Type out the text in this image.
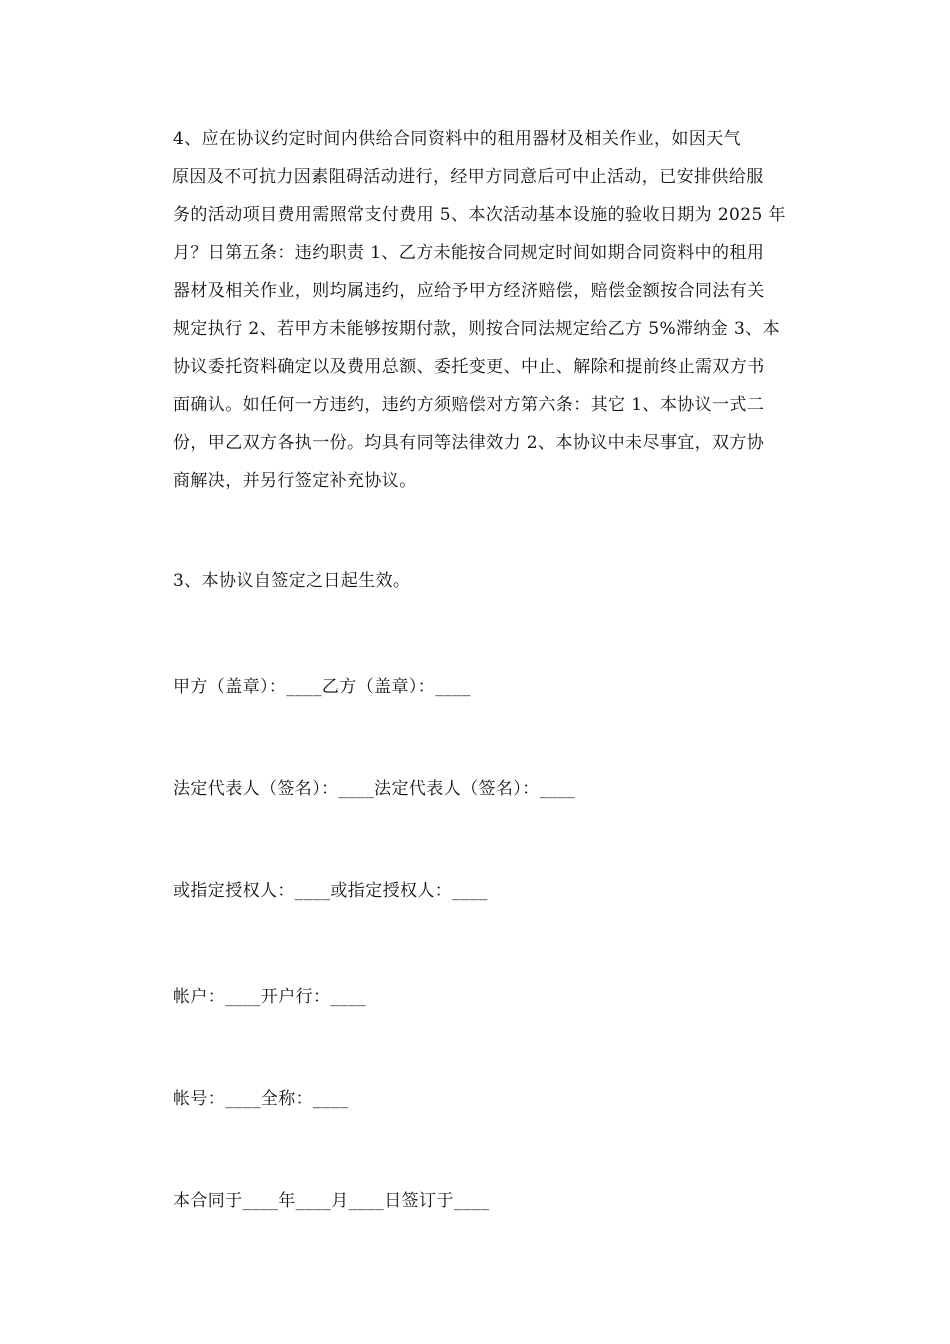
4、应在协议约定时间内供给合同资料中的租用器材及相关作业，如因天气
原因及不可抗力因素阻碍活动进行，经甲方同意后可中止活动，已安排供给服
务的活动项目费用需照常支付费用 5、本次活动基本设施的验收日期为 2025 年
月？日第五条：违约职责 1、乙方未能按合同规定时间如期合同资料中的租用
器材及相关作业，则均属违约，应给予甲方经济赔偿，赔偿金额按合同法有关
规定执行 2、若甲方未能够按期付款，则按合同法规定给乙方 5%滞纳金 3、本
协议委托资料确定以及费用总额、委托变更、中止、解除和提前终止需双方书
面确认。如任何一方违约，违约方须赔偿对方第六条：其它 1、本协议一式二
份，甲乙双方各执一份。均具有同等法律效力 2、本协议中未尽事宜，双方协
商解决，并另行签定补充协议。
3、本协议自签定之日起生效。
甲方（盖章）：____乙方（盖章）：____
法定代表人（签名）：____法定代表人（签名）：____
或指定授权人：____或指定授权人：____
帐户：____开户行：____
帐号：____全称：____
本合同于____年____月____日签订于____
